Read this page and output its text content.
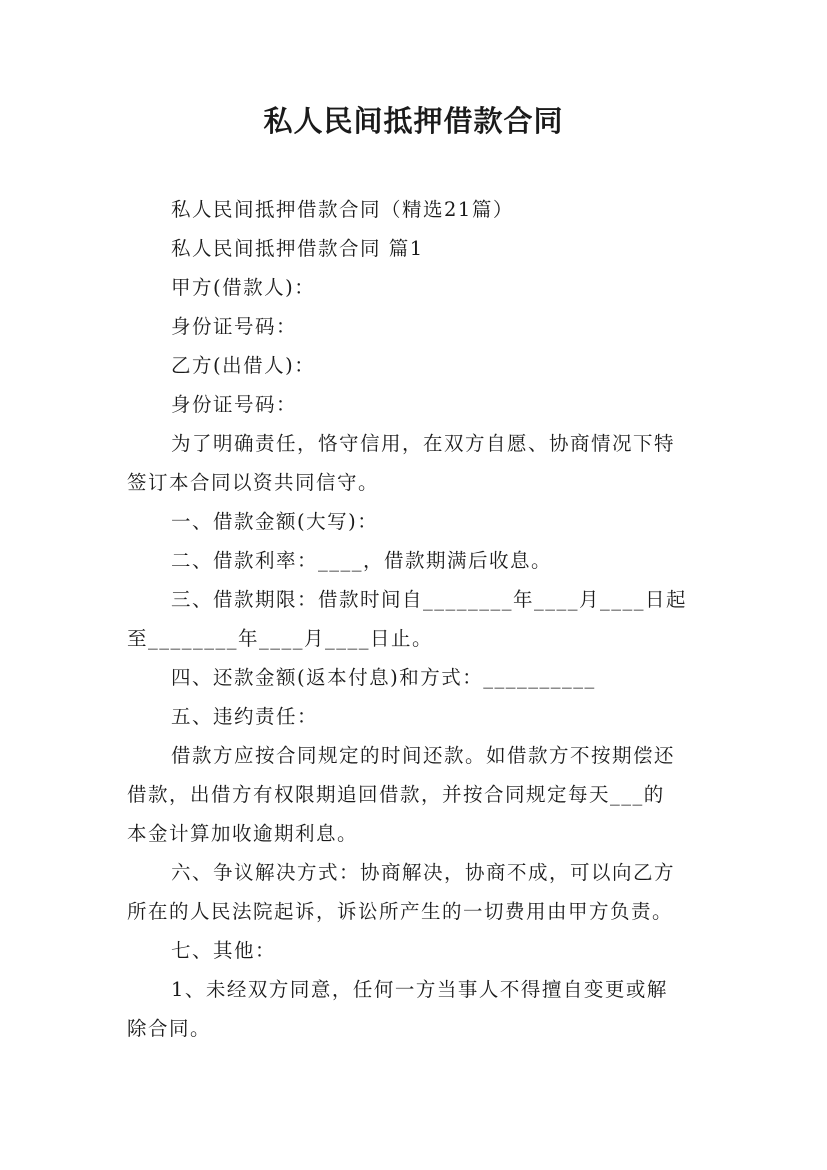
私人民间抵押借款合同
私人民间抵押借款合同（精选21篇）
私人民间抵押借款合同 篇1
甲方(借款人)：
身份证号码：
乙方(出借人)：
身份证号码：
为了明确责任，恪守信用，在双方自愿、协商情况下特
签订本合同以资共同信守。
一、借款金额(大写)：
二、借款利率：____，借款期满后收息。
三、借款期限：借款时间自________年____月____日起
至________年____月____日止。
四、还款金额(返本付息)和方式：__________
五、违约责任：
借款方应按合同规定的时间还款。如借款方不按期偿还
借款，出借方有权限期追回借款，并按合同规定每天___的
本金计算加收逾期利息。
六、争议解决方式：协商解决，协商不成，可以向乙方
所在的人民法院起诉，诉讼所产生的一切费用由甲方负责。
七、其他：
1、未经双方同意，任何一方当事人不得擅自变更或解
除合同。
